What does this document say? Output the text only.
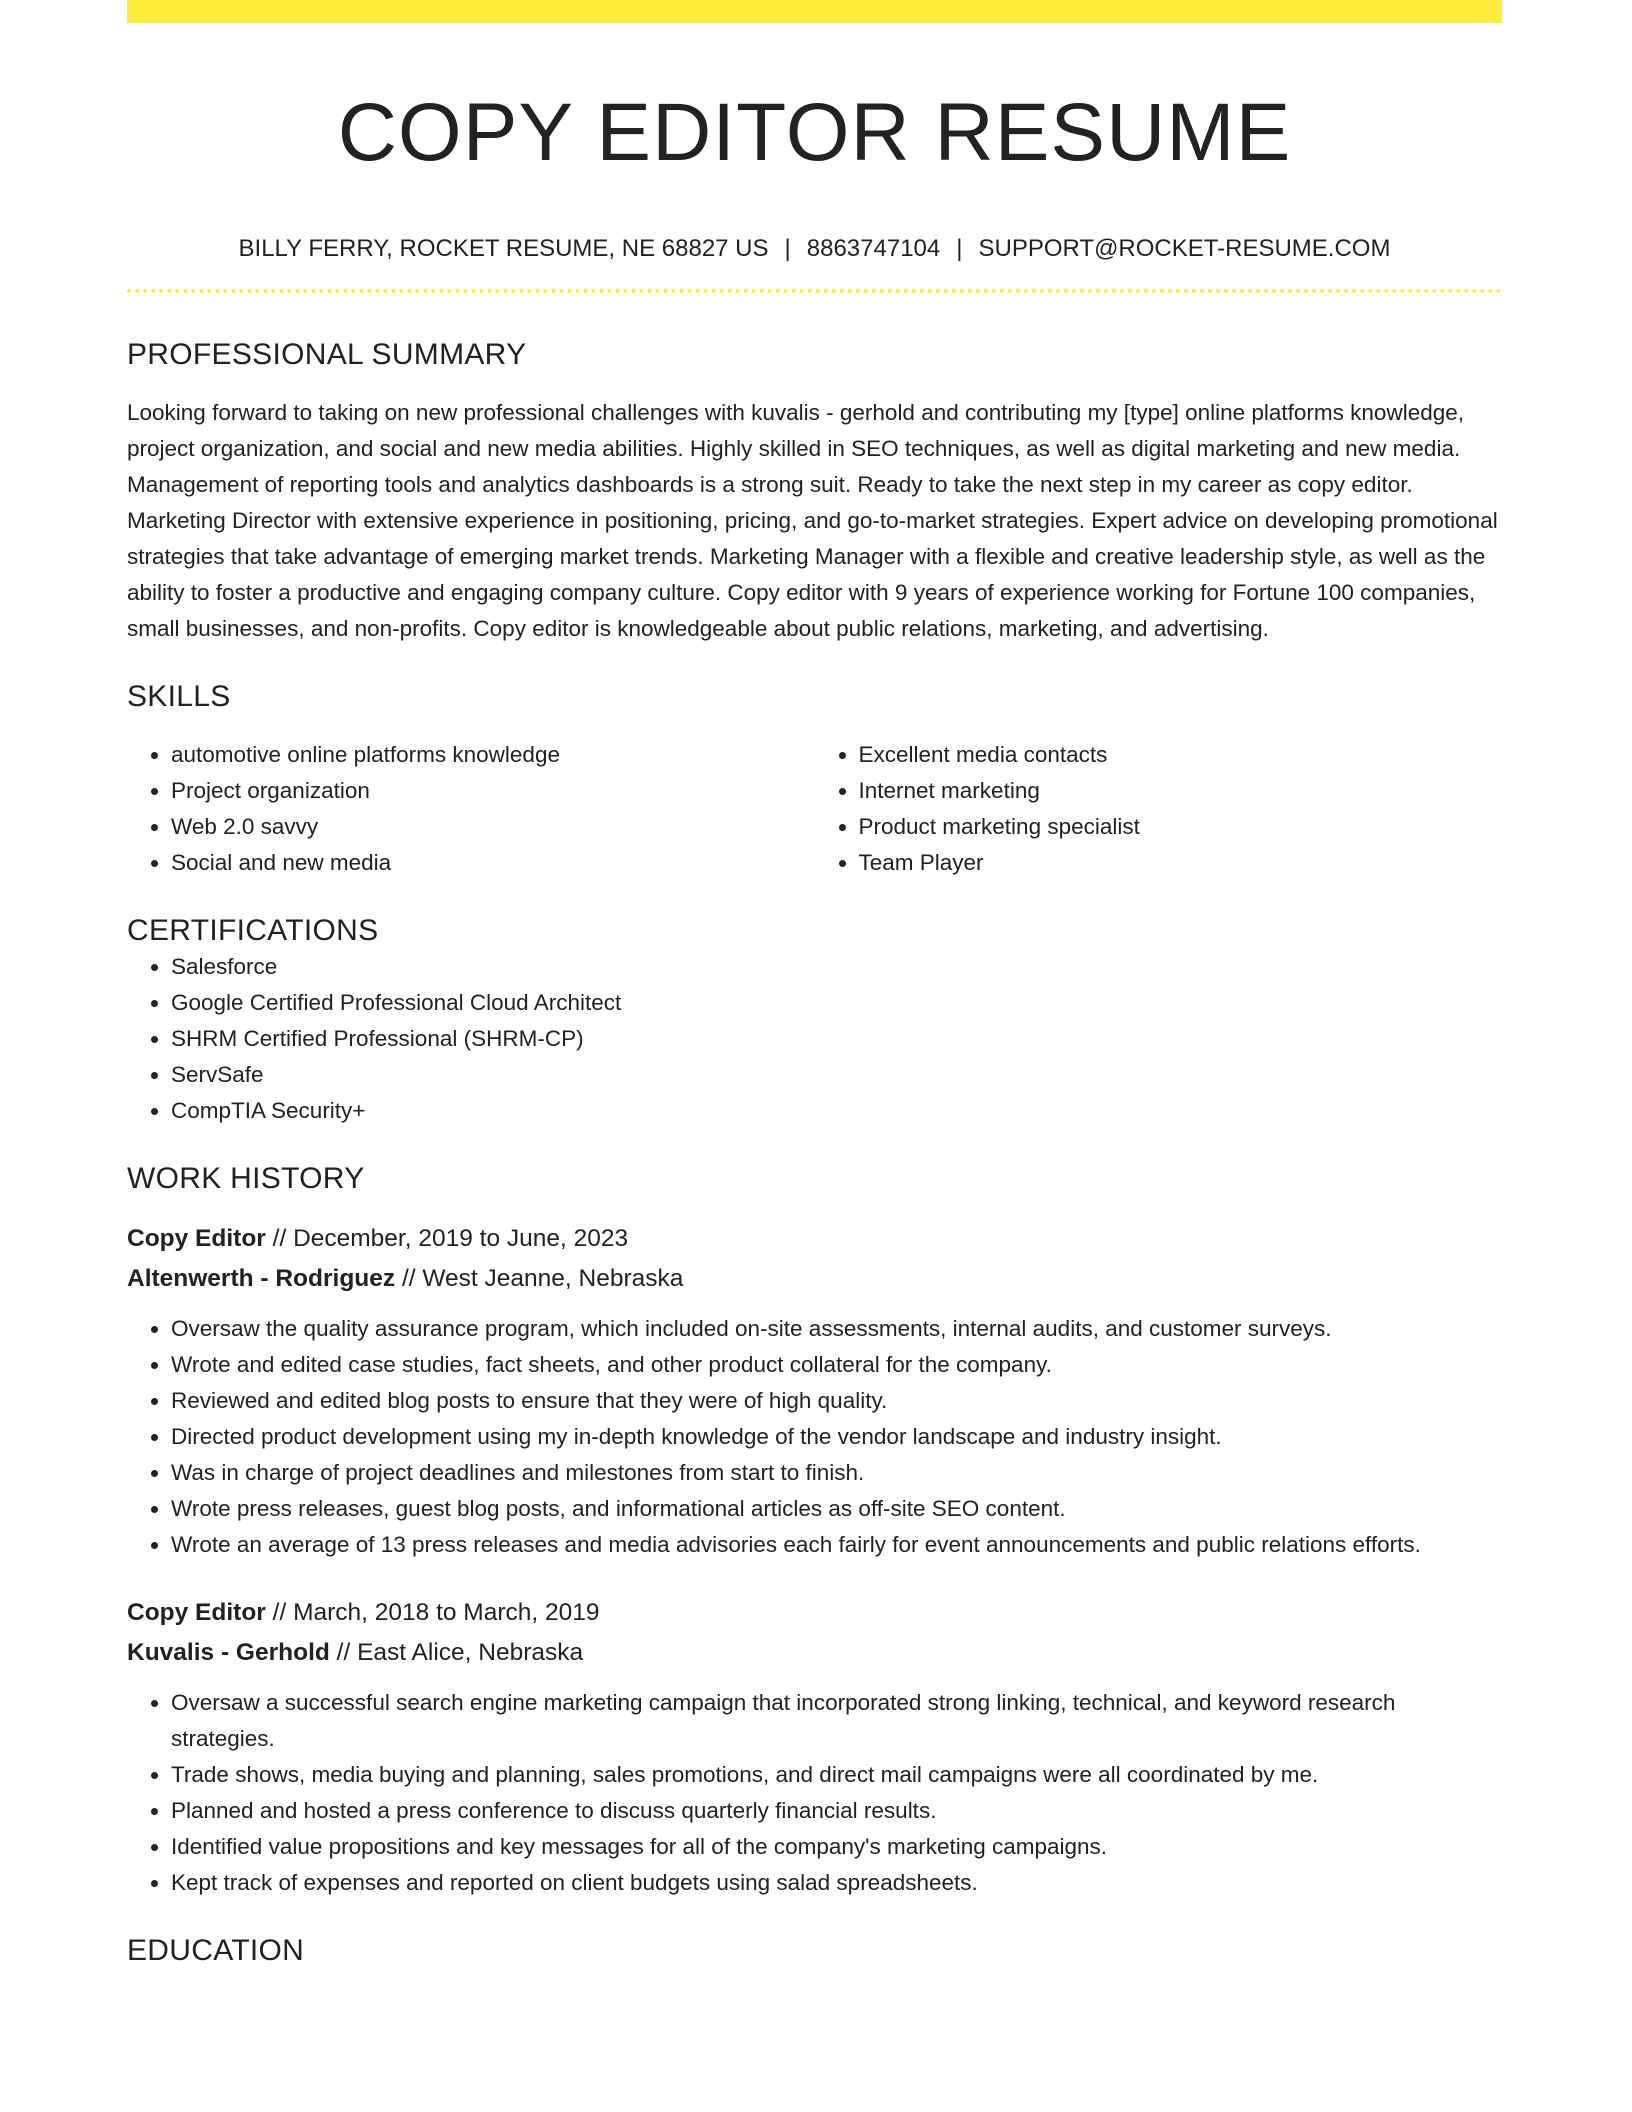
COPY EDITOR RESUME
BILLY FERRY, ROCKET RESUME, NE 68827 US | 8863747104 | SUPPORT@ROCKET-RESUME.COM
PROFESSIONAL SUMMARY

Looking forward to taking on new professional challenges with kuvalis - gerhold and contributing my [type] online platforms knowledge, project organization, and social and new media abilities. Highly skilled in SEO techniques, as well as digital marketing and new media. Management of reporting tools and analytics dashboards is a strong suit. Ready to take the next step in my career as copy editor. Marketing Director with extensive experience in positioning, pricing, and go-to-market strategies. Expert advice on developing promotional strategies that take advantage of emerging market trends. Marketing Manager with a flexible and creative leadership style, as well as the ability to foster a productive and engaging company culture. Copy editor with 9 years of experience working for Fortune 100 companies, small businesses, and non-profits. Copy editor is knowledgeable about public relations, marketing, and advertising.

SKILLS
• automotive online platforms knowledge
• Project organization
• Web 2.0 savvy
• Social and new media
• Excellent media contacts
• Internet marketing
• Product marketing specialist
• Team Player
CERTIFICATIONS
• Salesforce
• Google Certified Professional Cloud Architect
• SHRM Certified Professional (SHRM-CP)
• ServSafe
• CompTIA Security+
WORK HISTORY
Copy Editor // December, 2019 to June, 2023
Altenwerth - Rodriguez // West Jeanne, Nebraska
• Oversaw the quality assurance program, which included on-site assessments, internal audits, and customer surveys.
• Wrote and edited case studies, fact sheets, and other product collateral for the company.
• Reviewed and edited blog posts to ensure that they were of high quality.
• Directed product development using my in-depth knowledge of the vendor landscape and industry insight.
• Was in charge of project deadlines and milestones from start to finish.
• Wrote press releases, guest blog posts, and informational articles as off-site SEO content.
• Wrote an average of 13 press releases and media advisories each fairly for event announcements and public relations efforts.
Copy Editor // March, 2018 to March, 2019
Kuvalis - Gerhold // East Alice, Nebraska
• Oversaw a successful search engine marketing campaign that incorporated strong linking, technical, and keyword research strategies.
• Trade shows, media buying and planning, sales promotions, and direct mail campaigns were all coordinated by me.
• Planned and hosted a press conference to discuss quarterly financial results.
• Identified value propositions and key messages for all of the company's marketing campaigns.
• Kept track of expenses and reported on client budgets using salad spreadsheets.
EDUCATION
